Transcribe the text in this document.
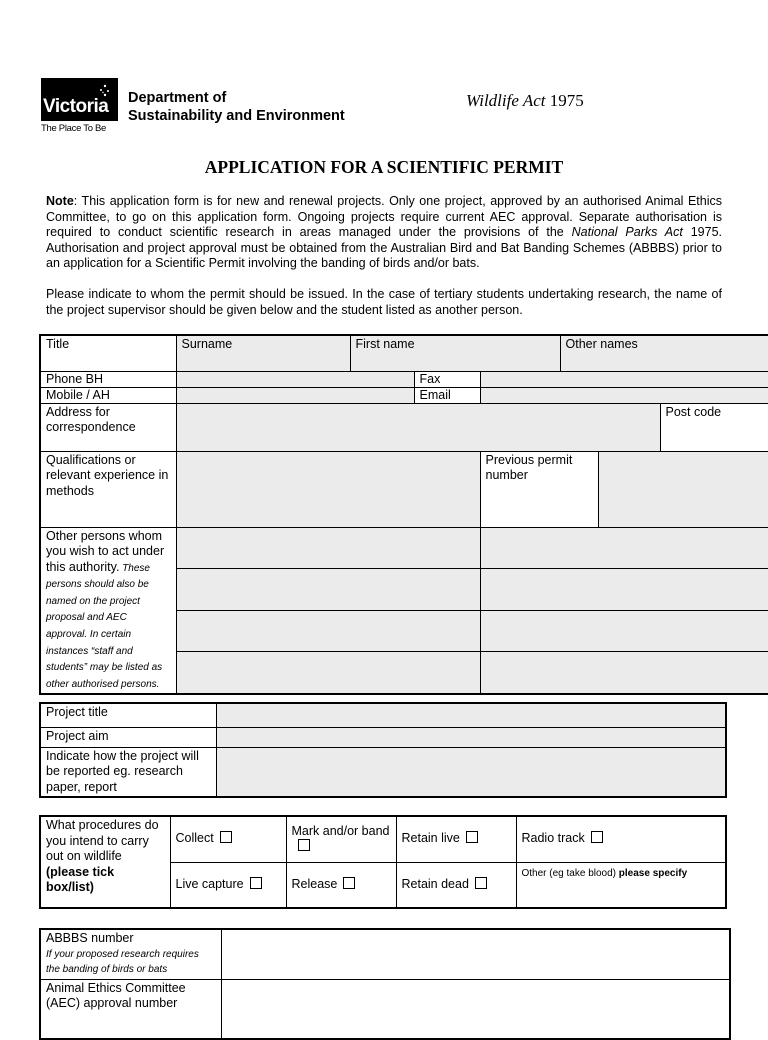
Victoria
The Place To Be
Department of
Sustainability and Environment
Wildlife Act 1975
APPLICATION FOR A SCIENTIFIC PERMIT
Note: This application form is for new and renewal projects. Only one project, approved by an authorised Animal Ethics Committee, to go on this application form. Ongoing projects require current AEC approval. Separate authorisation is required to conduct scientific research in areas managed under the provisions of the National Parks Act 1975. Authorisation and project approval must be obtained from the Australian Bird and Bat Banding Schemes (ABBBS) prior to an application for a Scientific Permit involving the banding of birds and/or bats.
Please indicate to whom the permit should be issued. In the case of tertiary students undertaking research, the name of the project supervisor should be given below and the student listed as another person.
Title	Surname	First name			Other names		
Phone BH			Fax				
Mobile / AH			Email				
Address for correspondence							Post code
Qualifications or relevant experience in methods				Previous permit number			
Other persons whom you wish to act under this authority. These persons should also be named on the project proposal and AEC approval. In certain instances “staff and students” may be listed as other authorised persons.							

Project title	
Project aim	
Indicate how the project will be reported eg. research paper, report	
What procedures do you intend to carry out on wildlife (please tick box/list)	Collect	Mark and/or band	Retain live	Radio track
	Live capture	Release	Retain dead	Other (eg take blood) please specify
ABBBS number
If your proposed research requires the banding of birds or bats	

Animal Ethics Committee (AEC) approval number	
